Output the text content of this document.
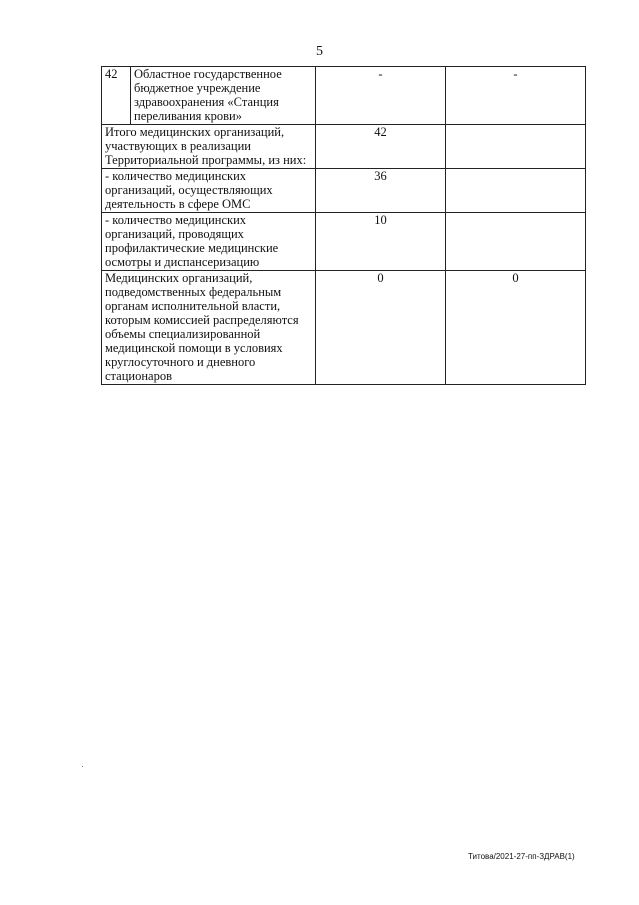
5
42	Областное государственное бюджетное учреждение здравоохранения «Станция переливания крови»	-	-
Итого медицинских организаций, участвующих в реализации Территориальной программы, из них:		42	
- количество медицинских организаций, осуществляющих деятельность в сфере ОМС		36	
- количество медицинских организаций, проводящих профилактические медицинские осмотры и диспансеризацию		10	
Медицинских организаций, подведомственных федеральным органам исполнительной власти, которым комиссией распределяются объемы специализированной медицинской помощи в условиях круглосуточного и дневного стационаров		0	0
Титова/2021-27-пп-ЗДРАВ(1)
